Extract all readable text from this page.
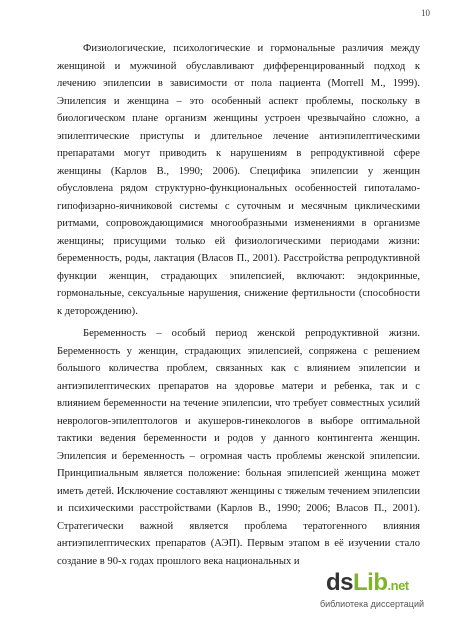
10

Физиологические, психологические и гормональные различия между женщиной и мужчиной обуславливают дифференцированный подход к лечению эпилепсии в зависимости от пола пациента (Morrell M., 1999). Эпилепсия и женщина – это особенный аспект проблемы, поскольку в биологическом плане организм женщины устроен чрезвычайно сложно, а эпилептические приступы и длительное лечение антиэпилептическими препаратами могут приводить к нарушениям в репродуктивной сфере женщины (Карлов В., 1990; 2006). Специфика эпилепсии у женщин обусловлена рядом структурно-функциональных особенностей гипоталамо-гипофизарно-яичниковой системы с суточным и месячным циклическими ритмами, сопровождающимися многообразными изменениями в организме женщины; присущими только ей физиологическими периодами жизни: беременность, роды, лактация (Власов П., 2001). Расстройства репродуктивной функции женщин, страдающих эпилепсией, включают: эндокринные, гормональные, сексуальные нарушения, снижение фертильности (способности к деторождению).

Беременность – особый период женской репродуктивной жизни. Беременность у женщин, страдающих эпилепсией, сопряжена с решением большого количества проблем, связанных как с влиянием эпилепсии и антиэпилептических препаратов на здоровье матери и ребенка, так и с влиянием беременности на течение эпилепсии, что требует совместных усилий неврологов-эпилептологов и акушеров-гинекологов в выборе оптимальной тактики ведения беременности и родов у данного контингента женщин. Эпилепсия и беременность – огромная часть проблемы женской эпилепсии. Принципиальным является положение: больная эпилепсией женщина может иметь детей. Исключение составляют женщины с тяжелым течением эпилепсии и психическими расстройствами (Карлов В., 1990; 2006; Власов П., 2001). Стратегически важной является проблема тератогенного влияния антиэпилептических препаратов (АЭП). Первым этапом в её изучении стало создание в 90-х годах прошлого века национальных и

dsLib.net
библиотека диссертаций
